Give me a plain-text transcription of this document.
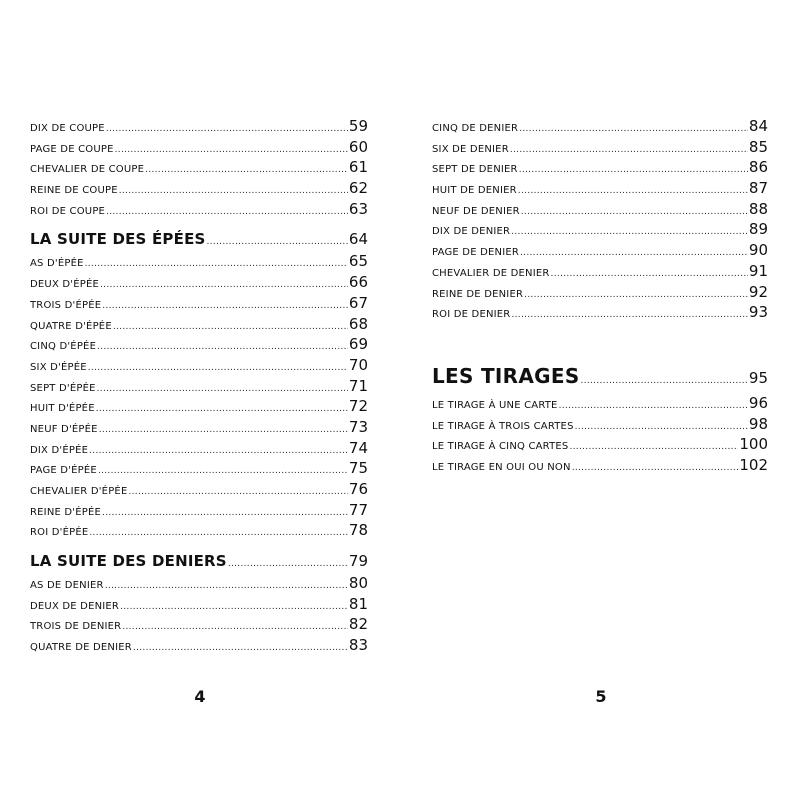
DIX DE COUPE .....	59
PAGE DE COUPE .....	60
CHEVALIER DE COUPE .....	61
REINE DE COUPE .....	62
ROI DE COUPE .....	63
LA SUITE DES ÉPÉES .....	64
AS D'ÉPÉE .....	65
DEUX D'ÉPÉE .....	66
TROIS D'ÉPÉE .....	67
QUATRE D'ÉPÉE .....	68
CINQ D'ÉPÉE .....	69
SIX D'ÉPÉE .....	70
SEPT D'ÉPÉE .....	71
HUIT D'ÉPÉE .....	72
NEUF D'ÉPÉE .....	73
DIX D'ÉPÉE .....	74
PAGE D'ÉPÉE .....	75
CHEVALIER D'ÉPÉE .....	76
REINE D'ÉPÉE .....	77
ROI D'ÉPÉE .....	78
LA SUITE DES DENIERS .....	79
AS DE DENIER .....	80
DEUX DE DENIER .....	81
TROIS DE DENIER .....	82
QUATRE DE DENIER .....	83
4
CINQ DE DENIER .....	84
SIX DE DENIER .....	85
SEPT DE DENIER .....	86
HUIT DE DENIER .....	87
NEUF DE DENIER .....	88
DIX DE DENIER .....	89
PAGE DE DENIER .....	90
CHEVALIER DE DENIER .....	91
REINE DE DENIER .....	92
ROI DE DENIER .....	93
LES TIRAGES .....	95
LE TIRAGE À UNE CARTE .....	96
LE TIRAGE À TROIS CARTES .....	98
LE TIRAGE À CINQ CARTES .....	100
LE TIRAGE EN OUI OU NON .....	102
5
